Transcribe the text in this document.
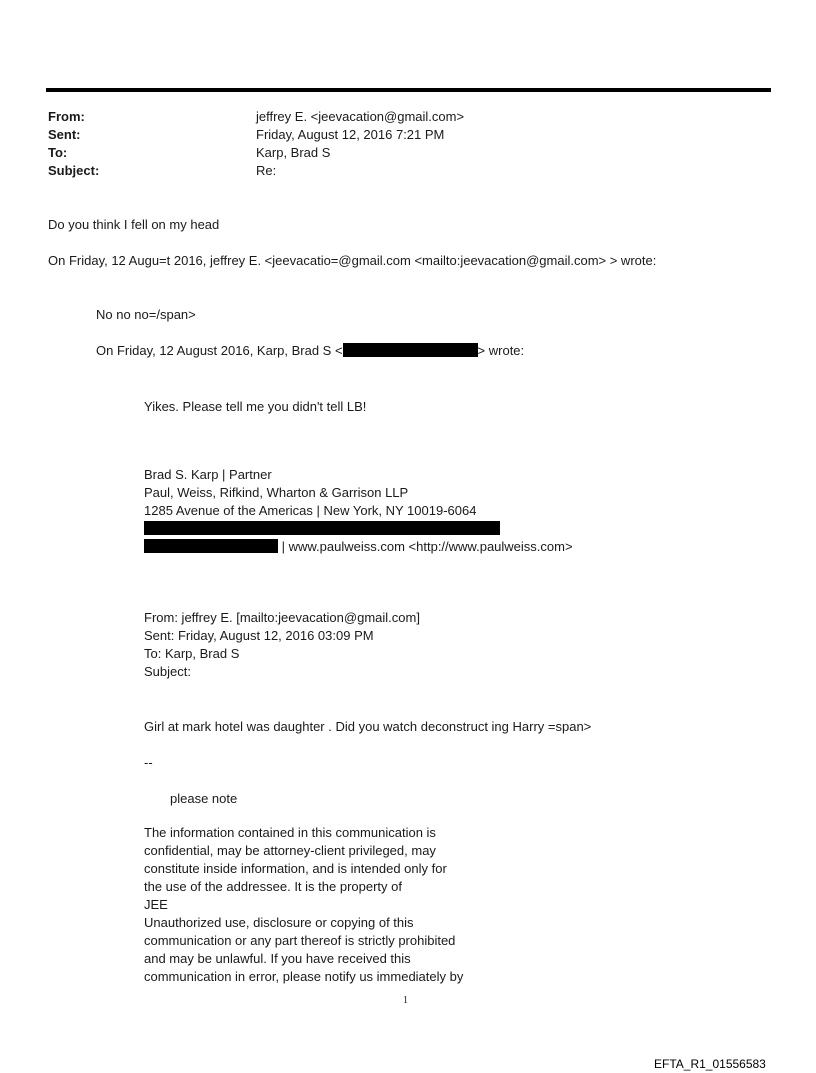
From:	jeffrey E. <jeevacation@gmail.com>
Sent:	Friday, August 12, 2016 7:21 PM
To:	Karp, Brad S
Subject:	Re:
Do you think I fell on my head
On Friday, 12 Augu=t 2016, jeffrey E. <jeevacatio=@gmail.com <mailto:jeevacation@gmail.com> > wrote:
No no no=/span>
On Friday, 12 August 2016, Karp, Brad S <	> wrote:
Yikes. Please tell me you didn't tell LB!
Brad S. Karp | Partner
Paul, Weiss, Rifkind, Wharton & Garrison LLP
1285 Avenue of the Americas | New York, NY 10019-6064
| www.paulweiss.com <http://www.paulweiss.com>
From: jeffrey E. [mailto:jeevacation@gmail.com]
Sent: Friday, August 12, 2016 03:09 PM
To: Karp, Brad S
Subject:
Girl at mark hotel was daughter . Did you watch deconstruct ing Harry =span>
--
please note
The information contained in this communication is
confidential, may be attorney-client privileged, may
constitute inside information, and is intended only for
the use of the addressee. It is the property of
JEE
Unauthorized use, disclosure or copying of this
communication or any part thereof is strictly prohibited
and may be unlawful. If you have received this
communication in error, please notify us immediately by
1
EFTA_R1_01556583
